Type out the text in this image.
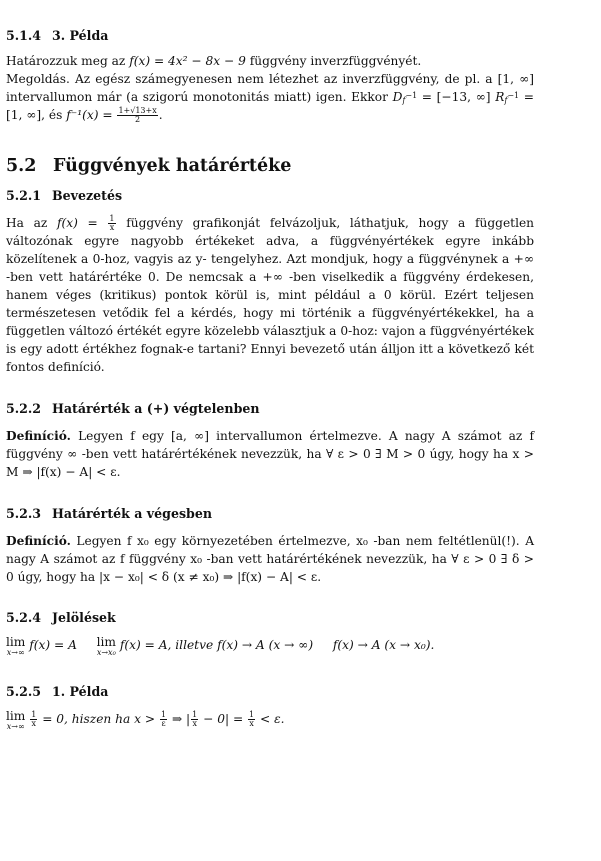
5.1.4 3. Példa

Határozzuk meg az f(x) = 4x² − 8x − 9 függvény inverzfüggvényét.

Megoldás. Az egész számegyenesen nem létezhet az inverzfüggvény, de pl. a [1, ∞] intervallumon már (a szigorú monotonitás miatt) igen. Ekkor $D_{f^{-1}} = [-13$, ∞] $R_{f^{-1}} = [1$, ∞], és $f^{-1}(x) = \frac{1+√13+x}{2}$ .

5.2 Függvények határértéke

5.2.1 Bevezetés

Ha az $f(x) = \frac{1}{x}$ függvény grafikonját felvázoljuk, láthatjuk, hogy a független változónak egyre nagyobb értékeket adva, a függvényértékek egyre inkább közelítenek a 0-hoz, vagyis az y- tengelyhez. Azt mondjuk, hogy a függvénynek a +∞ -ben vett határértéke 0. De nemcsak a +∞ -ben viselkedik a függvény érdekesen, hanem véges (kritikus) pontok körül is, mint például a 0 körül. Ezért teljesen természetesen vetődik fel a kérdés, hogy mi történik a függvényértékekkel, ha a független változó értékét egyre közelebb választjuk a 0-hoz: vajon a függvényértékek is egy adott értékhez fognak-e tartani? Ennyi bevezető után álljon itt a következő két fontos definíció.

5.2.2 Határérték a (+) végtelenben

Definíció. Legyen f egy [a, ∞] intervallumon értelmezve. A nagy A számot az f függvény ∞ -ben vett határértékének nevezzük, ha ∀ ε > 0 ∃ M > 0 úgy, hogy ha x > M ⇒ |f(x) − A| < ε.

5.2.3 Határérték a végesben

Definíció. Legyen f x₀ egy környezetében értelmezve, x₀ -ban nem feltétlenül(!). A nagy A számot az f függvény x₀ -ban vett határértékének nevezzük, ha ∀ ε > 0 ∃ δ > 0 úgy, hogy ha |x − x₀| < δ (x ≠ x₀) ⇒ |f(x) − A| < ε.

5.2.4 Jelölések

lim
x→∞
f(x) = A lim
x→x₀
f(x) = A, illetve f(x) → A (x → ∞) f(x) → A (x → x₀).

5.2.5 1. Példa

lim
x→∞
$\frac{1}{x} = 0$, hiszen ha $x > \frac{1}{\varepsilon}$ ⇒ | $\frac{1}{x} - 0| = \frac{1}{x} < \varepsilon$.
